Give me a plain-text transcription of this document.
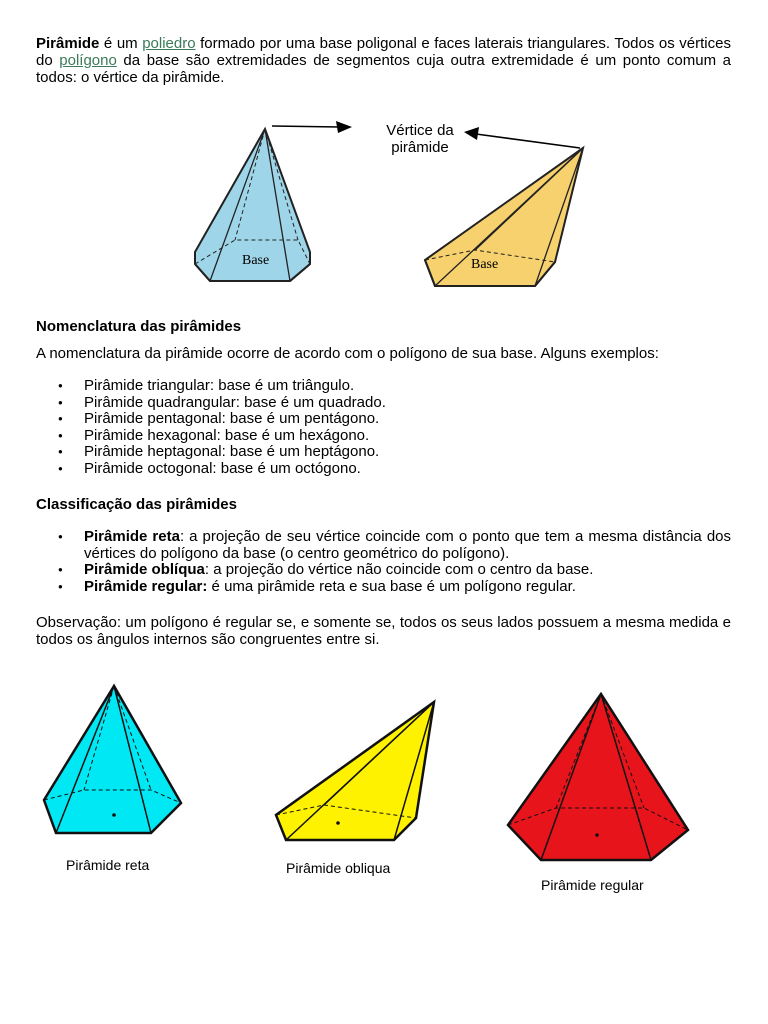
Pirâmide é um poliedro formado por uma base poligonal e faces laterais triangulares. Todos os vértices do polígono da base são extremidades de segmentos cuja outra extremidade é um ponto comum a todos: o vértice da pirâmide.

Vértice da
pirâmide
Base	Base
Nomenclatura das pirâmides

A nomenclatura da pirâmide ocorre de acordo com o polígono de sua base. Alguns exemplos:

● Pirâmide triangular: base é um triângulo.
● Pirâmide quadrangular: base é um quadrado.
● Pirâmide pentagonal: base é um pentágono.
● Pirâmide hexagonal: base é um hexágono.
● Pirâmide heptagonal: base é um heptágono.
● Pirâmide octogonal: base é um octógono.
Classificação das pirâmides
● Pirâmide reta: a projeção de seu vértice coincide com o ponto que tem a mesma distância dos vértices do polígono da base (o centro geométrico do polígono).
● Pirâmide oblíqua: a projeção do vértice não coincide com o centro da base.
● Pirâmide regular: é uma pirâmide reta e sua base é um polígono regular.

Observação: um polígono é regular se, e somente se, todos os seus lados possuem a mesma medida e todos os ângulos internos são congruentes entre si.

Pirâmide reta	Pirâmide obliqua
Pirâmide regular
